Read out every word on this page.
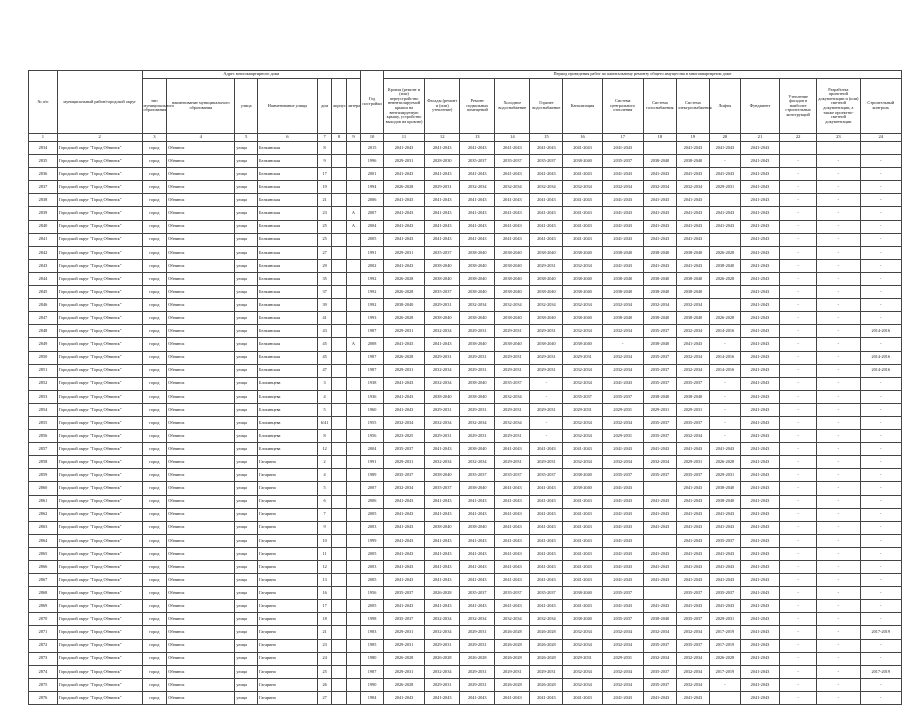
№ п/п	муниципальный район/городской округ	Адрес многоквартирного дома							Год постройки	Период проведения работ по капитальному ремонту общего имущества в многоквартирном доме													
		тип муниципального образования	наименование муниципального образования	улица	Наименование улицы	дом	корпус	литера		Кровля (ремонт и (или) переустройство невентилируемой крыши на вентилируемую крышу, устройство выходов на кровлю)	Фасады (ремонт и (или) утепление)	Ремонт подвальных помещений	Холодное водоснабжение	Горячее водоснабжение	Канализация	Система центрального отопления	Система газоснабжения	Система электроснабжения	Лифты	Фундамент	Утепление фасадов в наиболее строительных конструкций	Разработка проектной документации и (или) сметной документации, а также проектно-сметной документации	Строительный контроль
1	2	3	4	5	6	7	8	9	10	11	12	13	14	15	16	17	18	19	20	21	22	23	24
2834	Городской округ "Город Обнинск"	город	Обнинск	улица	Белкинская	8			2015	2041-2043	2041-2043	2041-2043	2041-2043	2041-2043	2041-2043	2041-2043		2041-2043	2041-2043	2041-2043			
2835	Городской округ "Город Обнинск"	город	Обнинск	улица	Белкинская	9			1996	2029-2031	2028-2030	2035-2037	2035-2037	2035-2037	2038-2040	2035-2037	2038-2040	2038-2040	-	2041-2043	-	-	-
2836	Городской округ "Город Обнинск"	город	Обнинск	улица	Белкинская	17			2001	2041-2043	2041-2043	2041-2043	2041-2043	2041-2043	2041-2043	2041-2043	2041-2043	2041-2043	2041-2043	2041-2043	-	-	-
2837	Городской округ "Город Обнинск"	город	Обнинск	улица	Белкинская	19			1994	2026-2028	2029-2031	2032-2034	2032-2034	2032-2034	2032-2034	2032-2034	2032-2034	2032-2034	2029-2031	2041-2043	-	-	-
2838	Городской округ "Город Обнинск"	город	Обнинск	улица	Белкинская	21			2006	2041-2043	2041-2043	2041-2043	2041-2043	2041-2043	2041-2043	2041-2043	2041-2043	2041-2043		2041-2043	-	-	-
2839	Городской округ "Город Обнинск"	город	Обнинск	улица	Белкинская	23		А	2007	2041-2043	2041-2043	2041-2043	2041-2043	2041-2043	2041-2043	2041-2043	2041-2043	2041-2043	2041-2043	2041-2043	-	-	-
2840	Городской округ "Город Обнинск"	город	Обнинск	улица	Белкинская	25		А	2004	2041-2043	2041-2043	2041-2043	2041-2043	2041-2043	2041-2043	2041-2043	2041-2043	2041-2043	2041-2043	2041-2043	-	-	-
2841	Городской округ "Город Обнинск"	город	Обнинск	улица	Белкинская	25			2005	2041-2043	2041-2043	2041-2043	2041-2043	2041-2043	2041-2043	2041-2043	2041-2043	2041-2043		2041-2043	-	-	-
2842	Городской округ "Город Обнинск"	город	Обнинск	улица	Белкинская	27			1991	2029-2031	2035-2037	2038-2040	2038-2040	2038-2040	2038-2040	2038-2040	2038-2040	2038-2040	2026-2028	2041-2043	-	-	-
2843	Городской округ "Город Обнинск"	город	Обнинск	улица	Белкинская	29			2002	2041-2043	2038-2040	2038-2040	2038-2040	2029-2031	2032-2034	2041-2043	2041-2043	2041-2043	2038-2040	2041-2043	-	-	-
2844	Городской округ "Город Обнинск"	город	Обнинск	улица	Белкинская	35			1992	2026-2028	2038-2040	2038-2040	2038-2040	2038-2040	2038-2040	2038-2040	2038-2040	2038-2040	2026-2028	2041-2043	-	-	-
2845	Городской округ "Город Обнинск"	город	Обнинск	улица	Белкинская	37			1992	2026-2028	2035-2037	2038-2040	2038-2040	2038-2040	2038-2040	2038-2040	2038-2040	2038-2040		2041-2043	-	-	-
2846	Городской округ "Город Обнинск"	город	Обнинск	улица	Белкинская	39			1992	2038-2040	2029-2031	2032-2034	2032-2034	2032-2034	2032-2034	2032-2034	2032-2034	2032-2034		2041-2043	-	-	-
2847	Городской округ "Город Обнинск"	город	Обнинск	улица	Белкинская	41			1993	2026-2028	2038-2040	2038-2040	2038-2040	2038-2040	2038-2040	2038-2040	2038-2040	2038-2040	2026-2028	2041-2043	-	-	-
2848	Городской округ "Город Обнинск"	город	Обнинск	улица	Белкинская	43			1987	2029-2031	2032-2034	2029-2031	2029-2031	2029-2031	2032-2034	2032-2034	2035-2037	2032-2034	2014-2016	2041-2043	-	-	2014-2016
2849	Городской округ "Город Обнинск"	город	Обнинск	улица	Белкинская	45		А	2008	2041-2043	2041-2043	2038-2040	2038-2040	2038-2040	2038-2040	-	2038-2040	2041-2043	-	2041-2043	-	-	-
2850	Городской округ "Город Обнинск"	город	Обнинск	улица	Белкинская	45			1987	2026-2028	2029-2031	2029-2031	2029-2031	2029-2031	2029-2031	2032-2034	2035-2037	2032-2034	2014-2016	2041-2043	-	-	2014-2016
2851	Городской округ "Город Обнинск"	город	Обнинск	улица	Белкинская	47			1987	2029-2031	2032-2034	2029-2031	2029-2031	2029-2031	2032-2034	2032-2034	2035-2037	2032-2034	2014-2016	2041-2043	-	-	2014-2016
2852	Городской округ "Город Обнинск"	город	Обнинск	улица	Блохинцева	3			1938	2041-2043	2032-2034	2038-2040	2035-2037	-	2032-2034	2041-2043	2035-2037	2035-2037	-	2041-2043	-	-	-
2853	Городской округ "Город Обнинск"	город	Обнинск	улица	Блохинцева	4			1936	2041-2043	2038-2040	2038-2040	2032-2034	-	2035-2037	2035-2037	2038-2040	2038-2040	-	2041-2043	-	-	-
2854	Городской округ "Город Обнинск"	город	Обнинск	улица	Блохинцева	5			1960	2041-2043	2029-2031	2029-2031	2029-2031	2029-2031	2029-2031	2029-2031	2029-2031	2029-2031	-	2041-2043	-	-	-
2855	Городской округ "Город Обнинск"	город	Обнинск	улица	Блохинцева	6/41			1955	2032-2034	2032-2034	2032-2034	2032-2034	-	2032-2034	2032-2034	2035-2037	2035-2037	-	2041-2043	-	-	-
2856	Городской округ "Город Обнинск"	город	Обнинск	улица	Блохинцева	8			1956	2023-2025	2029-2031	2029-2031	2029-2031	-	2032-2034	2029-2031	2035-2037	2032-2034	-	2041-2043	-	-	-
2857	Городской округ "Город Обнинск"	город	Обнинск	улица	Блохинцева	12			2004	2035-2037	2041-2043	2038-2040	2041-2043	2041-2043	2041-2043	2041-2043	2041-2043	2041-2043	2041-2043	2041-2043	-	-	-
2858	Городской округ "Город Обнинск"	город	Обнинск	улица	Гагарина	2			1991	2029-2031	2032-2034	2032-2034	2029-2031	2029-2031	2032-2034	2032-2034	2032-2034	2029-2031	2026-2028	2041-2043	-	-	-
2859	Городской округ "Город Обнинск"	город	Обнинск	улица	Гагарина	4			1989	2035-2037	2038-2040	2035-2037	2035-2037	2035-2037	2038-2040	2035-2037	2035-2037	2035-2037	2029-2031	2041-2043	-	-	-
2860	Городской округ "Город Обнинск"	город	Обнинск	улица	Гагарина	5			2007	2032-2034	2035-2037	2038-2040	2041-2043	2041-2043	2038-2040	2041-2043		2041-2043	2038-2040	2041-2043	-	-	-
2861	Городской округ "Город Обнинск"	город	Обнинск	улица	Гагарина	6			2006	2041-2043	2041-2043	2041-2043	2041-2043	2041-2043	2041-2043	2041-2043	2041-2043	2041-2043	2038-2040	2041-2043	-	-	-
2862	Городской округ "Город Обнинск"	город	Обнинск	улица	Гагарина	7			2005	2041-2043	2041-2043	2041-2043	2041-2043	2041-2043	2041-2043	2041-2043	2041-2043	2041-2043	2041-2043	2041-2043	-	-	-
2863	Городской округ "Город Обнинск"	город	Обнинск	улица	Гагарина	9			2003	2041-2043	2038-2040	2038-2040	2041-2043	2041-2043	2041-2043	2041-2043	2041-2043	2041-2043	2041-2043	2041-2043	-	-	-
2864	Городской округ "Город Обнинск"	город	Обнинск	улица	Гагарина	10			1999	2041-2043	2041-2043	2041-2043	2041-2043	2041-2043	2041-2043	2041-2043		2041-2043	2035-2037	2041-2043	-	-	-
2865	Городской округ "Город Обнинск"	город	Обнинск	улица	Гагарина	11			2005	2041-2043	2041-2043	2041-2043	2041-2043	2041-2043	2041-2043	2041-2043	2041-2043	2041-2043	2041-2043	2041-2043	-	-	-
2866	Городской округ "Город Обнинск"	город	Обнинск	улица	Гагарина	12			2003	2041-2043	2041-2043	2041-2043	2041-2043	2041-2043	2041-2043	2041-2043	2041-2043	2041-2043	2041-2043	2041-2043	-	-	-
2867	Городской округ "Город Обнинск"	город	Обнинск	улица	Гагарина	13			2005	2041-2043	2041-2043	2041-2043	2041-2043	2041-2043	2041-2043	2041-2043	2041-2043	2041-2043	2041-2043	2041-2043	-	-	-
2868	Городской округ "Город Обнинск"	город	Обнинск	улица	Гагарина	16			1956	2035-2037	2026-2028	2035-2037	2035-2037	2035-2037	2038-2040	2035-2037		2035-2037	2035-2037	2041-2043	-	-	-
2869	Городской округ "Город Обнинск"	город	Обнинск	улица	Гагарина	17			2005	2041-2043	2041-2043	2041-2043	2041-2043	2041-2043	2041-2043	2041-2043	2041-2043	2041-2043	2041-2043	2041-2043	-	-	-
2870	Городской округ "Город Обнинск"	город	Обнинск	улица	Гагарина	18			1998	2035-2037	2032-2034	2032-2034	2032-2034	2032-2034	2038-2040	2035-2037	2038-2040	2035-2037	2029-2031	2041-2043	-	-	-
2871	Городской округ "Город Обнинск"	город	Обнинск	улица	Гагарина	21			1983	2029-2031	2032-2034	2029-2031	2026-2028	2026-2028	2032-2034	2032-2034	2032-2034	2032-2034	2017-2019	2041-2043	-	-	2017-2019
2872	Городской округ "Город Обнинск"	город	Обнинск	улица	Гагарина	23			1985	2029-2031	2029-2031	2029-2031	2026-2028	2026-2028	2032-2034	2032-2034	2035-2037	2035-2037	2017-2019	2041-2043	-	-	-
2873	Городской округ "Город Обнинск"	город	Обнинск	улица	Гагарина	24			1980	2026-2028	2026-2028	2026-2028	2026-2028	2026-2028	2029-2031	2029-2031	2032-2034	2032-2034	2026-2028	2041-2043	-	-	-
2874	Городской округ "Город Обнинск"	город	Обнинск	улица	Гагарина	25			1987	2029-2031	2032-2034	2029-2031	2029-2031	2029-2031	2032-2034	2032-2034	2035-2037	2032-2034	2017-2019	2041-2043	-	-	2017-2019
2875	Городской округ "Город Обнинск"	город	Обнинск	улица	Гагарина	26			1990	2026-2028	2029-2031	2029-2031	2026-2028	2026-2028	2032-2034	2032-2034	2035-2037	2032-2034	-	2041-2043	-	-	-
2876	Городской округ "Город Обнинск"	город	Обнинск	улица	Гагарина	27			1984	2041-2043	2041-2043	2041-2043	2041-2043	2041-2043	2041-2043	2041-2043	2041-2043	2041-2043		2041-2043	-	-	-
